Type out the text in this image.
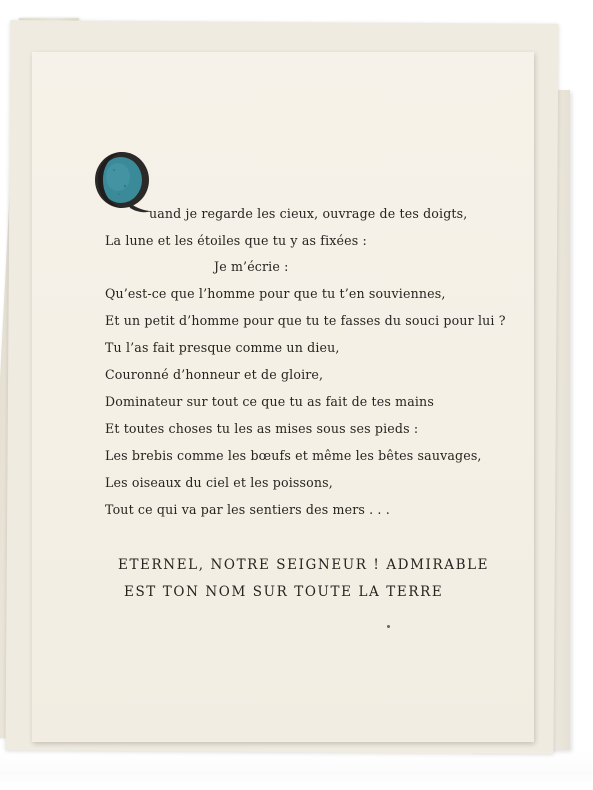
uand je regarde les cieux, ouvrage de tes doigts,
La lune et les étoiles que tu y as fixées :
Je m’écrie :
Qu’est-ce que l’homme pour que tu t’en souviennes,
Et un petit d’homme pour que tu te fasses du souci pour lui ?
Tu l’as fait presque comme un dieu,
Couronné d’honneur et de gloire,
Dominateur sur tout ce que tu as fait de tes mains
Et toutes choses tu les as mises sous ses pieds :
Les brebis comme les bœufs et même les bêtes sauvages,
Les oiseaux du ciel et les poissons,
Tout ce qui va par les sentiers des mers . . .
ETERNEL, NOTRE SEIGNEUR ! ADMIRABLE
EST TON NOM SUR TOUTE LA TERRE
